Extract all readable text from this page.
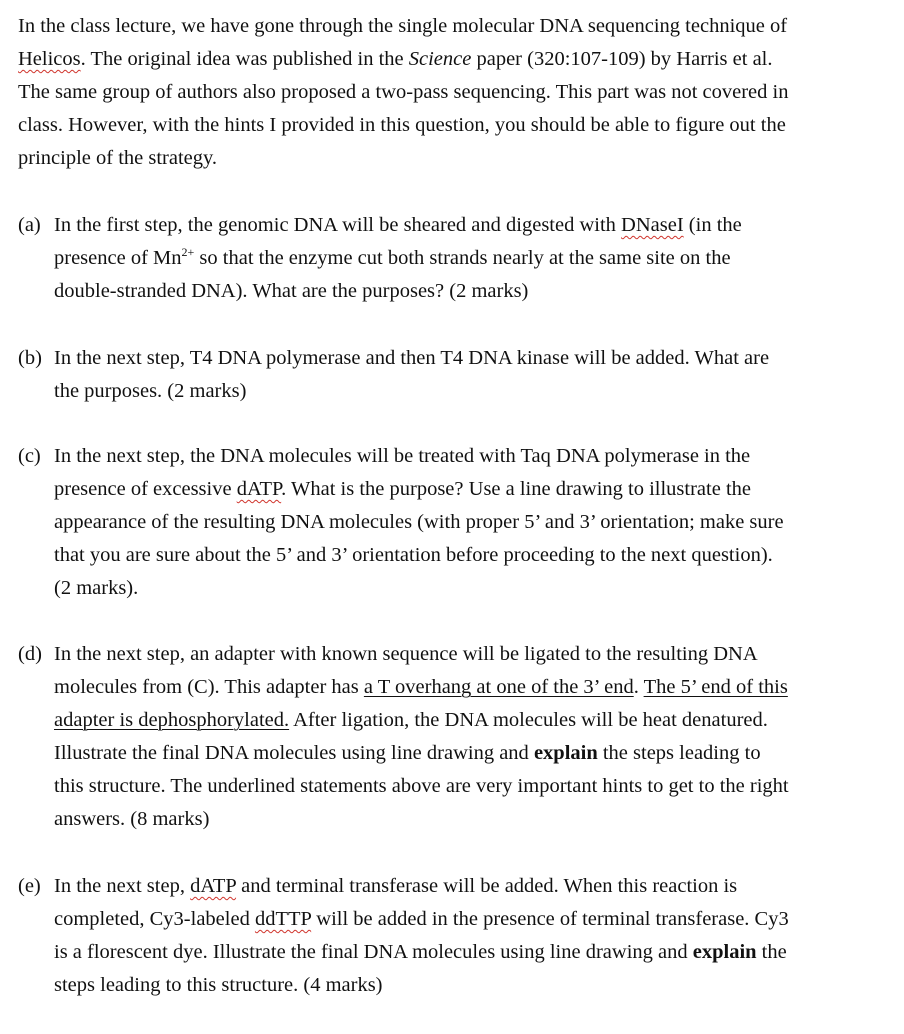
In the class lecture, we have gone through the single molecular DNA sequencing technique of
Helicos. The original idea was published in the Science paper (320:107-109) by Harris et al.
The same group of authors also proposed a two-pass sequencing. This part was not covered in
class. However, with the hints I provided in this question, you should be able to figure out the
principle of the strategy.
(a) In the first step, the genomic DNA will be sheared and digested with DNaseI (in the
presence of $Mn^{2+}$ so that the enzyme cut both strands nearly at the same site on the
double-stranded DNA). What are the purposes? (2 marks)
(b) In the next step, T4 DNA polymerase and then T4 DNA kinase will be added. What are
the purposes. (2 marks)
(c) In the next step, the DNA molecules will be treated with Taq DNA polymerase in the
presence of excessive dATP. What is the purpose? Use a line drawing to illustrate the
appearance of the resulting DNA molecules (with proper 5’ and 3’ orientation; make sure
that you are sure about the 5’ and 3’ orientation before proceeding to the next question).
(2 marks).
(d) In the next step, an adapter with known sequence will be ligated to the resulting DNA
molecules from (C). This adapter has a T overhang at one of the 3’ end. The 5’ end of this
adapter is dephosphorylated. After ligation, the DNA molecules will be heat denatured.
Illustrate the final DNA molecules using line drawing and explain the steps leading to
this structure. The underlined statements above are very important hints to get to the right
answers. (8 marks)
(e) In the next step, dATP and terminal transferase will be added. When this reaction is
completed, Cy3-labeled ddTTP will be added in the presence of terminal transferase. Cy3
is a florescent dye. Illustrate the final DNA molecules using line drawing and explain the
steps leading to this structure. (4 marks)
